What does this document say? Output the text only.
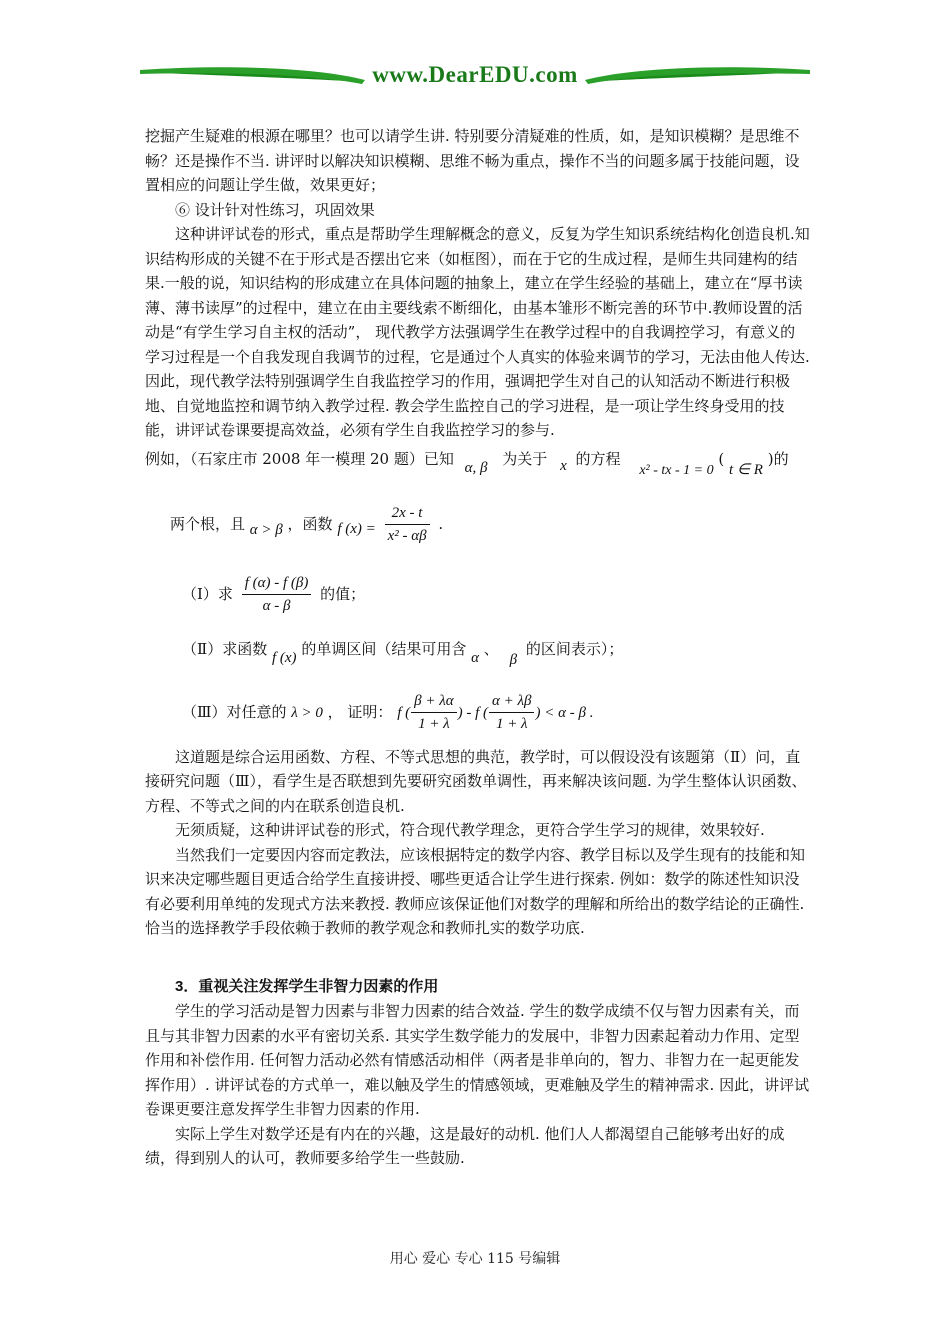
www.DearEDU.com

挖掘产生疑难的根源在哪里？也可以请学生讲. 特别要分清疑难的性质，如，是知识模糊？是思维不畅？还是操作不当. 讲评时以解决知识模糊、思维不畅为重点，操作不当的问题多属于技能问题，设置相应的问题让学生做，效果更好；

⑥ 设计针对性练习，巩固效果

这种讲评试卷的形式，重点是帮助学生理解概念的意义，反复为学生知识系统结构化创造良机.知识结构形成的关键不在于形式是否摆出它来（如框图），而在于它的生成过程，是师生共同建构的结果.一般的说，知识结构的形成建立在具体问题的抽象上，建立在学生经验的基础上，建立在“厚书读薄、薄书读厚”的过程中，建立在由主要线索不断细化，由基本雏形不断完善的环节中.教师设置的活动是“有学生学习自主权的活动”， 现代教学方法强调学生在教学过程中的自我调控学习，有意义的学习过程是一个自我发现自我调节的过程，它是通过个人真实的体验来调节的学习，无法由他人传达. 因此，现代教学法特别强调学生自我监控学习的作用，强调把学生对自己的认知活动不断进行积极地、自觉地监控和调节纳入教学过程. 教会学生监控自己的学习进程，是一项让学生终身受用的技能，讲评试卷课要提高效益，必须有学生自我监控学习的参与.

例如，（石家庄市 2008 年一模理 20 题）已知 α, β 为关于 x 的方程 x² - tx - 1 = 0 ( t ∈ R )的
两个根，且 α > β ，函数 f $(x) = \frac{2x - t}{\text{x² - αβ}}$ .
（Ⅰ）求 $\frac{f (\alpha) - f (\beta)}{\alpha - \beta}$ 的值；
（Ⅱ）求函数 f (x) 的单调区间（结果可用含 α 、 β 的区间表示）；
（Ⅲ）对任意的 λ > 0 ， 证明： f ( $\frac{\beta + \lambda\alpha}{1 + \lambda}$ ) - f ( $\frac{\alpha + \lambda\beta}{1 + \lambda}$ ) < α - β .

这道题是综合运用函数、方程、不等式思想的典范，教学时，可以假设没有该题第（Ⅱ）问，直接研究问题（Ⅲ），看学生是否联想到先要研究函数单调性，再来解决该问题. 为学生整体认识函数、方程、不等式之间的内在联系创造良机.

无须质疑，这种讲评试卷的形式，符合现代教学理念，更符合学生学习的规律，效果较好.

当然我们一定要因内容而定教法，应该根据特定的数学内容、教学目标以及学生现有的技能和知识来决定哪些题目更适合给学生直接讲授、哪些更适合让学生进行探索. 例如：数学的陈述性知识没有必要利用单纯的发现式方法来教授. 教师应该保证他们对数学的理解和所给出的数学结论的正确性. 恰当的选择教学手段依赖于教师的教学观念和教师扎实的数学功底.

3．重视关注发挥学生非智力因素的作用

学生的学习活动是智力因素与非智力因素的结合效益. 学生的数学成绩不仅与智力因素有关，而且与其非智力因素的水平有密切关系. 其实学生数学能力的发展中，非智力因素起着动力作用、定型作用和补偿作用. 任何智力活动必然有情感活动相伴（两者是非单向的，智力、非智力在一起更能发挥作用）. 讲评试卷的方式单一，难以触及学生的情感领域，更难触及学生的精神需求. 因此，讲评试卷课更要注意发挥学生非智力因素的作用.

实际上学生对数学还是有内在的兴趣，这是最好的动机. 他们人人都渴望自己能够考出好的成绩，得到别人的认可，教师要多给学生一些鼓励.

用心 爱心 专心 115 号编辑
